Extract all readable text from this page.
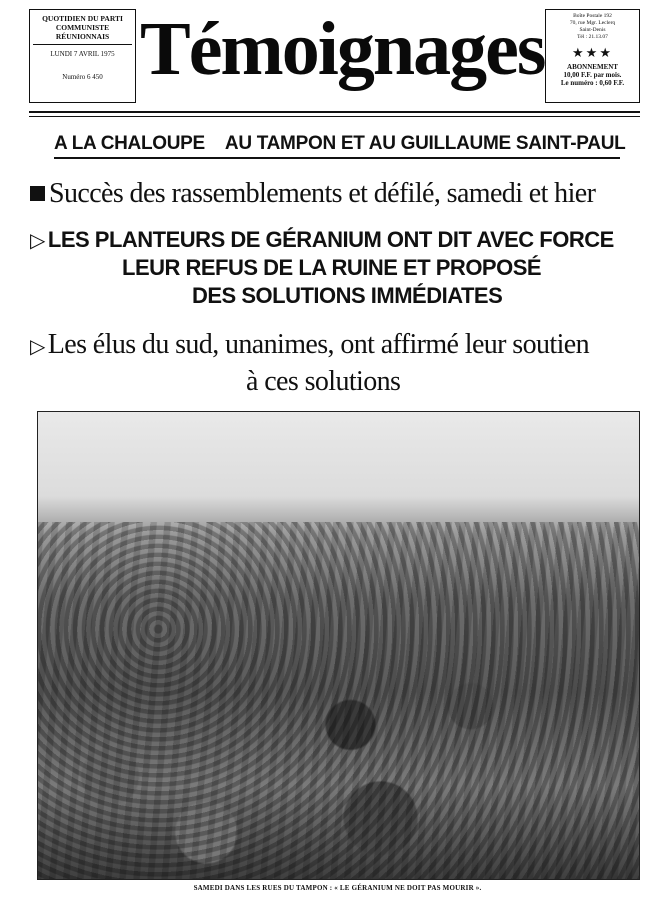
QUOTIDIEN DU PARTI
COMMUNISTE
RÉUNIONNAIS
LUNDI 7 AVRIL 1975
Numéro 6 450 Témoignages	Boîte Postale 192
70, rue Mgr. Leclerq
Saint-Denis
Tél : 21.13.07
★★★
ABONNEMENT
10,00 F.F. par mois.
Le numéro : 0,60 F.F.
A LA CHALOUPE AU TAMPON ET AU GUILLAUME SAINT-PAUL
Succès des rassemblements et défilé, samedi et hier
▷ LES PLANTEURS DE GÉRANIUM ONT DIT AVEC FORCE
LEUR REFUS DE LA RUINE ET PROPOSÉ
DES SOLUTIONS IMMÉDIATES
▷ Les élus du sud, unanimes, ont affirmé leur soutien
à ces solutions
SAMEDI DANS LES RUES DU TAMPON : « LE GÉRANIUM NE DOIT PAS MOURIR ».
